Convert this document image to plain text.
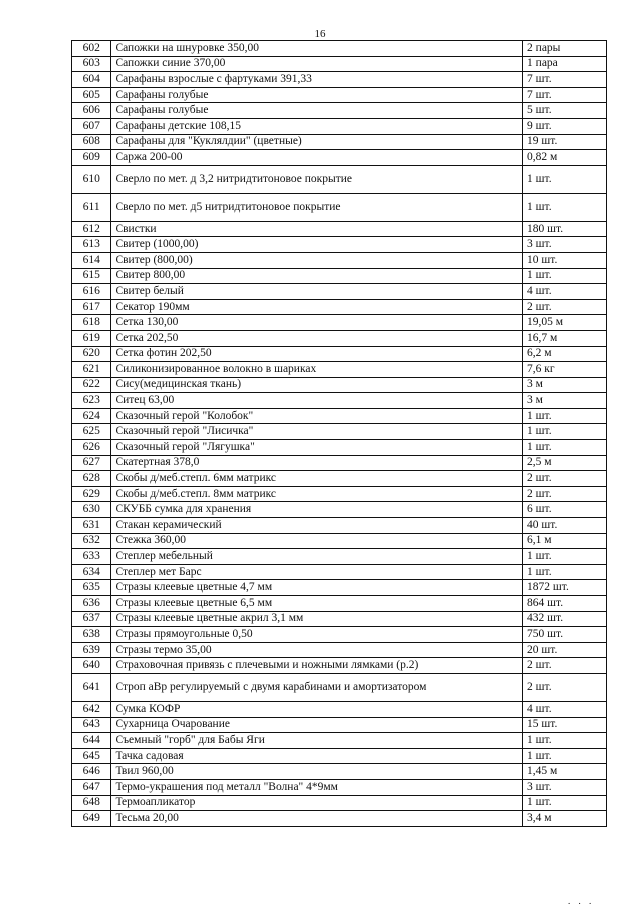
16
602	Сапожки на шнуровке 350,00	2 пары
603	Сапожки синие 370,00	1 пара
604	Сарафаны взрослые с фартуками 391,33	7 шт.
605	Сарафаны голубые	7 шт.
606	Сарафаны голубые	5 шт.
607	Сарафаны детские 108,15	9 шт.
608	Сарафаны для "Куклялдии" (цветные)	19 шт.
609	Саржа 200-00	0,82 м
610	Сверло по мет. д 3,2 нитридтитоновое покрытие	1 шт.
611	Сверло по мет. д5 нитридтитоновое покрытие	1 шт.
612	Свистки	180 шт.
613	Свитер (1000,00)	3 шт.
614	Свитер (800,00)	10 шт.
615	Свитер 800,00	1 шт.
616	Свитер белый	4 шт.
617	Секатор 190мм	2 шт.
618	Сетка 130,00	19,05 м
619	Сетка 202,50	16,7 м
620	Сетка фотин 202,50	6,2 м
621	Силиконизированное волокно в шариках	7,6 кг
622	Сису(медицинская ткань)	3 м
623	Ситец 63,00	3 м
624	Сказочный герой "Колобок"	1 шт.
625	Сказочный герой "Лисичка"	1 шт.
626	Сказочный герой "Лягушка"	1 шт.
627	Скатертная 378,0	2,5 м
628	Скобы д/меб.степл. 6мм матрикс	2 шт.
629	Скобы д/меб.степл. 8мм матрикс	2 шт.
630	СКУББ сумка для хранения	6 шт.
631	Стакан керамический	40 шт.
632	Стежка 360,00	6,1 м
633	Степлер мебельный	1 шт.
634	Степлер мет Барс	1 шт.
635	Стразы клеевые цветные 4,7 мм	1872 шт.
636	Стразы клеевые цветные 6,5 мм	864 шт.
637	Стразы клеевые цветные акрил 3,1 мм	432 шт.
638	Стразы прямоугольные 0,50	750 шт.
639	Стразы термо 35,00	20 шт.
640	Страховочная привязь с плечевыми и ножными лямками (р.2)	2 шт.
641	Строп аВр регулируемый с двумя карабинами и амортизатором	2 шт.
642	Сумка КОФР	4 шт.
643	Сухарница Очарование	15 шт.
644	Съемный "горб" для Бабы Яги	1 шт.
645	Тачка садовая	1 шт.
646	Твил 960,00	1,45 м
647	Термо-украшения под металл "Волна" 4*9мм	3 шт.
648	Термоапликатор	1 шт.
649	Тесьма 20,00	3,4 м
. . .
